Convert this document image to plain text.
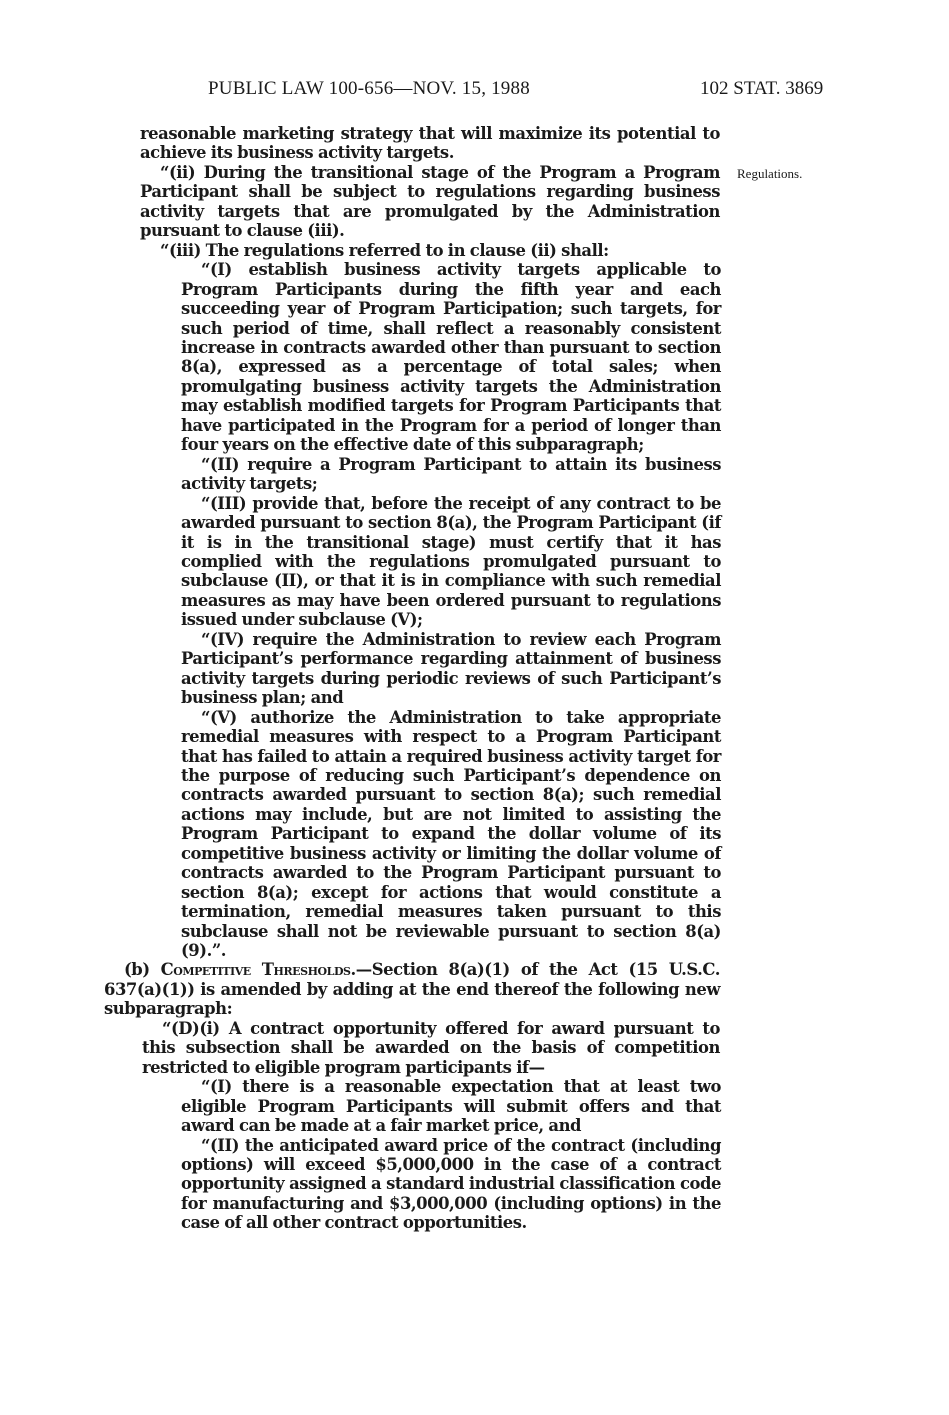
PUBLIC LAW 100-656—NOV. 15, 1988	102 STAT. 3869
Regulations.

reasonable marketing strategy that will maximize its potential to achieve its business activity targets.

“(ii) During the transitional stage of the Program a Program Participant shall be subject to regulations regarding business activity targets that are promulgated by the Administration pursuant to clause (iii).

“(iii) The regulations referred to in clause (ii) shall:

“(I) establish business activity targets applicable to Program Participants during the fifth year and each succeeding year of Program Participation; such targets, for such period of time, shall reflect a reasonably consistent increase in contracts awarded other than pursuant to section 8(a), expressed as a percentage of total sales; when promulgating business activity targets the Administration may establish modified targets for Program Participants that have participated in the Program for a period of longer than four years on the effective date of this subparagraph;

“(II) require a Program Participant to attain its business activity targets;

“(III) provide that, before the receipt of any contract to be awarded pursuant to section 8(a), the Program Participant (if it is in the transitional stage) must certify that it has complied with the regulations promulgated pursuant to subclause (II), or that it is in compliance with such remedial measures as may have been ordered pursuant to regulations issued under subclause (V);

“(IV) require the Administration to review each Program Participant’s performance regarding attainment of business activity targets during periodic reviews of such Participant’s business plan; and

“(V) authorize the Administration to take appropriate remedial measures with respect to a Program Participant that has failed to attain a required business activity target for the purpose of reducing such Participant’s dependence on contracts awarded pursuant to section 8(a); such remedial actions may include, but are not limited to assisting the Program Participant to expand the dollar volume of its competitive business activity or limiting the dollar volume of contracts awarded to the Program Participant pursuant to section 8(a); except for actions that would constitute a termination, remedial measures taken pursuant to this subclause shall not be reviewable pursuant to section 8(a)(9).”.

(b) Competitive Thresholds.—Section 8(a)(1) of the Act (15 U.S.C. 637(a)(1)) is amended by adding at the end thereof the following new subparagraph:

“(D)(i) A contract opportunity offered for award pursuant to this subsection shall be awarded on the basis of competition restricted to eligible program participants if—

“(I) there is a reasonable expectation that at least two eligible Program Participants will submit offers and that award can be made at a fair market price, and

“(II) the anticipated award price of the contract (including options) will exceed $5,000,000 in the case of a contract opportunity assigned a standard industrial classification code for manufacturing and $3,000,000 (including options) in the case of all other contract opportunities.
